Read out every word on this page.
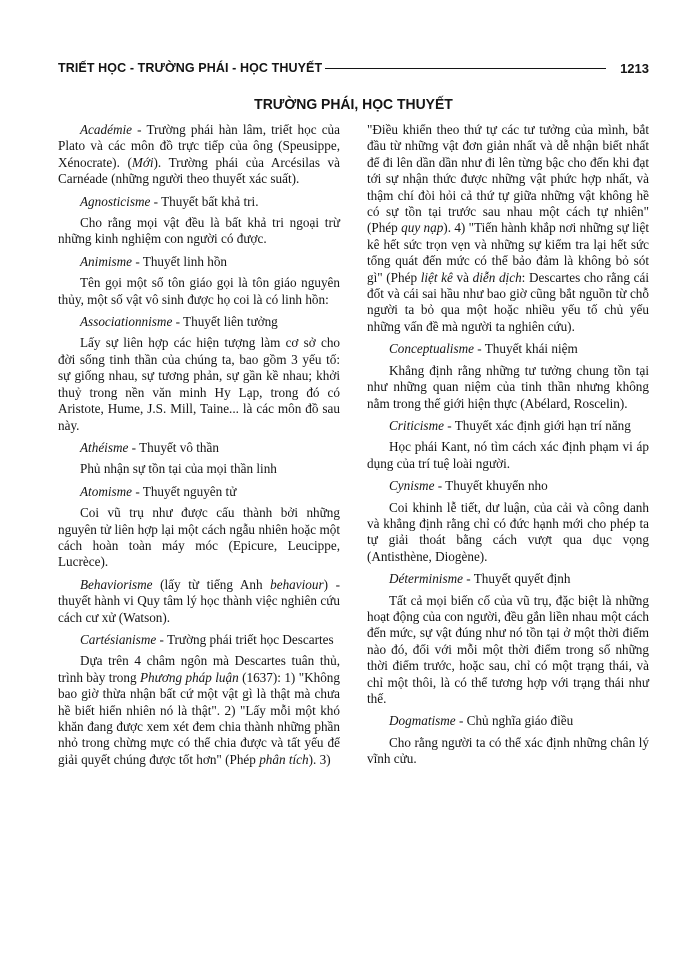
TRIẾT HỌC - TRƯỜNG PHÁI - HỌC THUYẾT	1213
TRƯỜNG PHÁI, HỌC THUYẾT

Académie - Trường phái hàn lâm, triết học của Plato và các môn đồ trực tiếp của ông (Speusippe, Xénocrate). (Mới). Trường phái của Arcésilas và Carnéade (những người theo thuyết xác suất).

Agnosticisme - Thuyết bất khả tri.

Cho rằng mọi vật đều là bất khả tri ngoại trừ những kinh nghiệm con người có được.

Animisme - Thuyết linh hồn

Tên gọi một số tôn giáo gọi là tôn giáo nguyên thủy, một số vật vô sinh được họ coi là có linh hồn:

Associationnisme - Thuyết liên tưởng

Lấy sự liên hợp các hiện tượng làm cơ sở cho đời sống tinh thần của chúng ta, bao gồm 3 yếu tố: sự giống nhau, sự tương phản, sự gần kề nhau; khởi thuỷ trong nền văn minh Hy Lạp, trong đó có Aristote, Hume, J.S. Mill, Taine... là các môn đồ sau này.

Athéisme - Thuyết vô thần

Phủ nhận sự tồn tại của mọi thần linh

Atomisme - Thuyết nguyên tử

Coi vũ trụ như được cấu thành bởi những nguyên tử liên hợp lại một cách ngẫu nhiên hoặc một cách hoàn toàn máy móc (Epicure, Leucippe, Lucrèce).

Behaviorisme (lấy từ tiếng Anh behaviour) - thuyết hành vi Quy tâm lý học thành việc nghiên cứu cách cư xử (Watson).

Cartésianisme - Trường phái triết học Descartes

Dựa trên 4 châm ngôn mà Descartes tuân thủ, trình bày trong Phương pháp luận (1637): 1) "Không bao giờ thừa nhận bất cứ một vật gì là thật mà chưa hề biết hiển nhiên nó là thật". 2) "Lấy mỗi một khó khăn đang được xem xét đem chia thành những phần nhỏ trong chừng mực có thể chia được và tất yếu để giải quyết chúng được tốt hơn" (Phép phân tích). 3)

"Điều khiển theo thứ tự các tư tưởng của mình, bắt đầu từ những vật đơn giản nhất và dễ nhận biết nhất để đi lên dần dần như đi lên từng bậc cho đến khi đạt tới sự nhận thức được những vật phức hợp nhất, và thậm chí đòi hỏi cả thứ tự giữa những vật không hề có sự tồn tại trước sau nhau một cách tự nhiên" (Phép quy nạp). 4) "Tiến hành khắp nơi những sự liệt kê hết sức trọn vẹn và những sự kiểm tra lại hết sức tổng quát đến mức có thể bảo đảm là không bỏ sót gì" (Phép liệt kê và diễn dịch: Descartes cho rằng cái đốt và cái sai hầu như bao giờ cũng bắt nguồn từ chỗ người ta bỏ qua một hoặc nhiều yếu tố chủ yếu những vấn đề mà người ta nghiên cứu).

Conceptualisme - Thuyết khái niệm

Khẳng định rằng những tư tưởng chung tồn tại như những quan niệm của tinh thần nhưng không nằm trong thế giới hiện thực (Abélard, Roscelin).

Criticisme - Thuyết xác định giới hạn trí năng

Học phái Kant, nó tìm cách xác định phạm vi áp dụng của trí tuệ loài người.

Cynisme - Thuyết khuyển nho

Coi khinh lễ tiết, dư luận, của cải và công danh và khẳng định rằng chỉ có đức hạnh mới cho phép ta tự giải thoát bằng cách vượt qua dục vọng (Antisthène, Diogène).

Déterminisme - Thuyết quyết định

Tất cả mọi biến cố của vũ trụ, đặc biệt là những hoạt động của con người, đều gắn liền nhau một cách đến mức, sự vật đúng như nó tồn tại ở một thời điểm nào đó, đối với mỗi một thời điểm trong số những thời điểm trước, hoặc sau, chỉ có một trạng thái, và chỉ một thôi, là có thể tương hợp với trạng thái như thế.

Dogmatisme - Chủ nghĩa giáo điều

Cho rằng người ta có thể xác định những chân lý vĩnh cửu.
